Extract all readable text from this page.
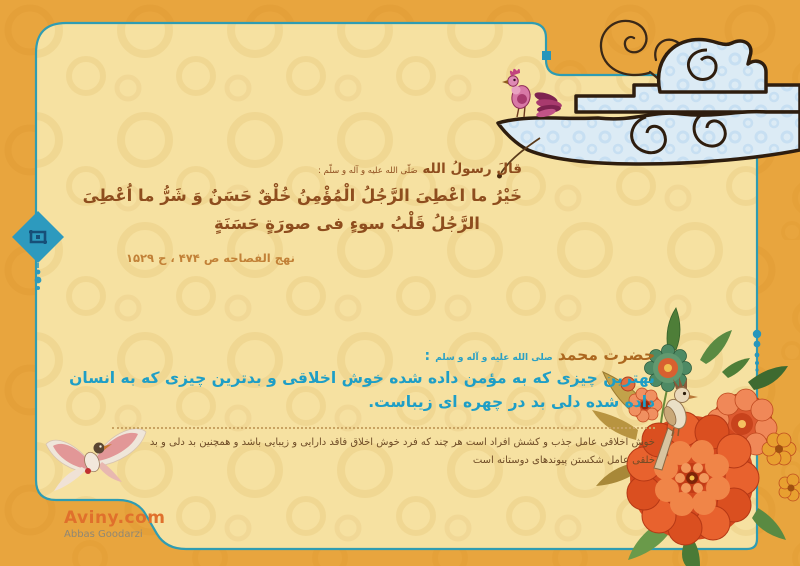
قالَ رسولُ الله‏ صَلّی الله علیه و آله و سلّم :
خَیْرُ ما اعْطِیَ الرَّجُلُ الْمُؤْمِنُ خُلْقٌ حَسَنٌ وَ شَرُّ ما اُعْطِیَ
الرَّجُلُ قَلْبُ سوءٍ فی صورَةٍ حَسَنَةٍ
نهج الفصاحه ص ۴۷۴ ، ح ۱۵۲۹
حضرت محمد صلی الله علیه و آله و سلم :
بهترین چیزی که به مؤمن داده شده خوش اخلاقی و بدترین چیزی که به انسان
داده شده دلی بد در چهره ای زیباست.
خوش اخلاقی عامل جذب و کشش افراد است هر چند که فرد خوش اخلاق فاقد دارایی و زیبایی باشد و همچنین بد دلی و بد
خلقی عامل شکستن پیوندهای دوستانه است
Aviny.com
Abbas Goodarzi
